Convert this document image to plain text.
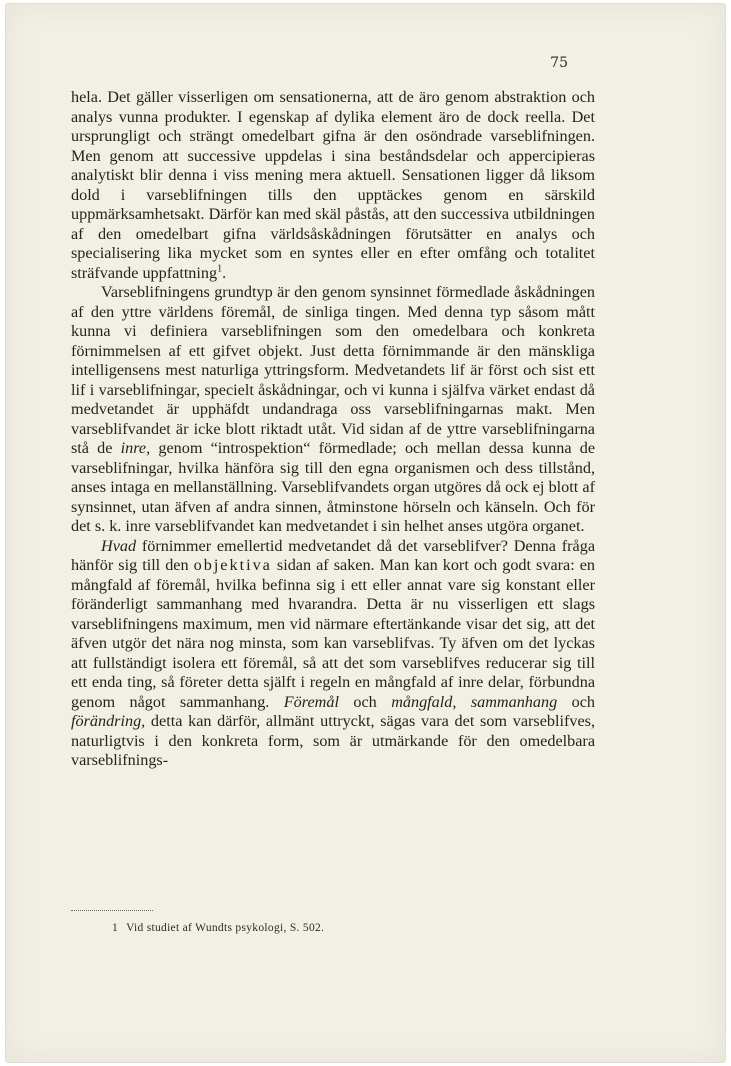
75

hela. Det gäller visserligen om sensationerna, att de äro genom abstraktion och analys vunna produkter. I egenskap af dylika element äro de dock reella. Det ursprungligt och strängt omedelbart gifna är den osöndrade varseblifningen. Men genom att successive uppdelas i sina beståndsdelar och appercipieras analytiskt blir denna i viss mening mera aktuell. Sensationen ligger då liksom dold i varseblifningen tills den upptäckes genom en särskild uppmärksamhetsakt. Därför kan med skäl påstås, att den successiva utbildningen af den omedelbart gifna världsåskådningen förutsätter en analys och specialisering lika mycket som en syntes eller en efter omfång och totalitet sträfvande uppfattning$^1$.

Varseblifningens grundtyp är den genom synsinnet förmedlade åskådningen af den yttre världens föremål, de sinliga tingen. Med denna typ såsom mått kunna vi definiera varseblifningen som den omedelbara och konkreta förnimmelsen af ett gifvet objekt. Just detta förnimmande är den mänskliga intelligensens mest naturliga yttringsform. Medvetandets lif är först och sist ett lif i varseblifningar, specielt åskådningar, och vi kunna i själfva värket endast då medvetandet är upphäfdt undandraga oss varseblifningarnas makt. Men varseblifvandet är icke blott riktadt utåt. Vid sidan af de yttre varseblifningarna stå de inre, genom “introspektion“ förmedlade; och mellan dessa kunna de varseblifningar, hvilka hänföra sig till den egna organismen och dess tillstånd, anses intaga en mellanställning. Varseblifvandets organ utgöres då ock ej blott af synsinnet, utan äfven af andra sinnen, åtminstone hörseln och känseln. Och för det s. k. inre varseblifvandet kan medvetandet i sin helhet anses utgöra organet.

Hvad förnimmer emellertid medvetandet då det varseblifver? Denna fråga hänför sig till den objektiva sidan af saken. Man kan kort och godt svara: en mångfald af föremål, hvilka befinna sig i ett eller annat vare sig konstant eller föränderligt sammanhang med hvarandra. Detta är nu visserligen ett slags varseblifningens maximum, men vid närmare eftertänkande visar det sig, att det äfven utgör det nära nog minsta, som kan varseblifvas. Ty äfven om det lyckas att fullständigt isolera ett föremål, så att det som varseblifves reducerar sig till ett enda ting, så företer detta själft i regeln en mångfald af inre delar, förbundna genom något sammanhang. Föremål och mångfald, sammanhang och förändring, detta kan därför, allmänt uttryckt, sägas vara det som varseblifves, naturligtvis i den konkreta form, som är utmärkande för den omedelbara varseblifnings-

1 Vid studiet af Wundts psykologi, S. 502.
